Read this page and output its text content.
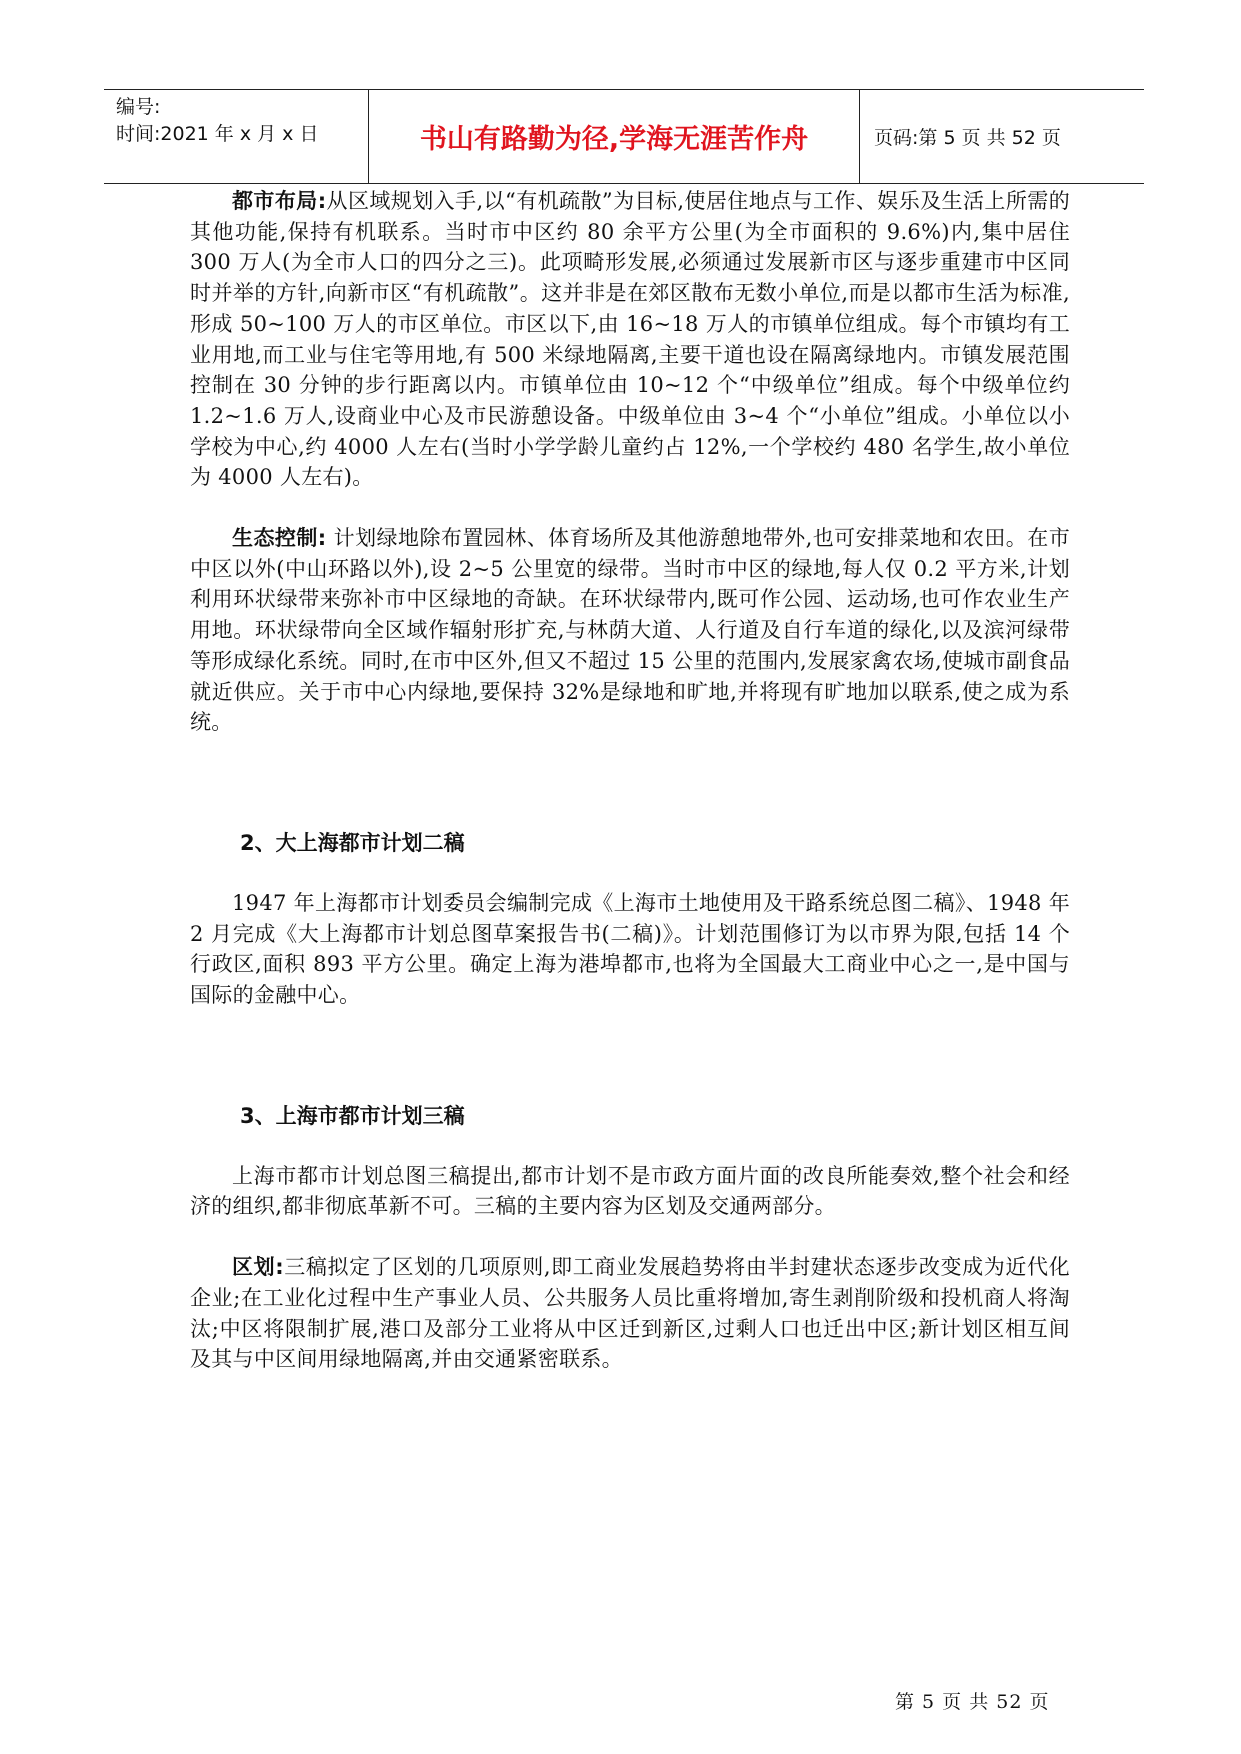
编号:
时间:2021 年 x 月 x 日	书山有路勤为径,学海无涯苦作舟	页码:第 5 页 共 52 页

都市布局:从区域规划入手,以“有机疏散”为目标,使居住地点与工作、娱乐及生活上所需的其他功能,保持有机联系。当时市中区约 80 余平方公里(为全市面积的 9.6%)内,集中居住 300 万人(为全市人口的四分之三)。此项畸形发展,必须通过发展新市区与逐步重建市中区同时并举的方针,向新市区“有机疏散”。这并非是在郊区散布无数小单位,而是以都市生活为标准,形成 50~100 万人的市区单位。市区以下,由 16~18 万人的市镇单位组成。每个市镇均有工业用地,而工业与住宅等用地,有 500 米绿地隔离,主要干道也设在隔离绿地内。市镇发展范围控制在 30 分钟的步行距离以内。市镇单位由 10~12 个“中级单位”组成。每个中级单位约 1.2~1.6 万人,设商业中心及市民游憩设备。中级单位由 3~4 个“小单位”组成。小单位以小学校为中心,约 4000 人左右(当时小学学龄儿童约占 12%,一个学校约 480 名学生,故小单位为 4000 人左右)。

生态控制: 计划绿地除布置园林、体育场所及其他游憩地带外,也可安排菜地和农田。在市中区以外(中山环路以外),设 2~5 公里宽的绿带。当时市中区的绿地,每人仅 0.2 平方米,计划利用环状绿带来弥补市中区绿地的奇缺。在环状绿带内,既可作公园、运动场,也可作农业生产用地。环状绿带向全区域作辐射形扩充,与林荫大道、人行道及自行车道的绿化,以及滨河绿带等形成绿化系统。同时,在市中区外,但又不超过 15 公里的范围内,发展家禽农场,使城市副食品就近供应。关于市中心内绿地,要保持 32%是绿地和旷地,并将现有旷地加以联系,使之成为系统。

2、大上海都市计划二稿

1947 年上海都市计划委员会编制完成《上海市土地使用及干路系统总图二稿》、1948 年 2 月完成《大上海都市计划总图草案报告书(二稿)》。计划范围修订为以市界为限,包括 14 个行政区,面积 893 平方公里。确定上海为港埠都市,也将为全国最大工商业中心之一,是中国与国际的金融中心。

3、上海市都市计划三稿

上海市都市计划总图三稿提出,都市计划不是市政方面片面的改良所能奏效,整个社会和经济的组织,都非彻底革新不可。三稿的主要内容为区划及交通两部分。

区划:三稿拟定了区划的几项原则,即工商业发展趋势将由半封建状态逐步改变成为近代化企业;在工业化过程中生产事业人员、公共服务人员比重将增加,寄生剥削阶级和投机商人将淘汰;中区将限制扩展,港口及部分工业将从中区迁到新区,过剩人口也迁出中区;新计划区相互间及其与中区间用绿地隔离,并由交通紧密联系。

第 5 页 共 52 页
